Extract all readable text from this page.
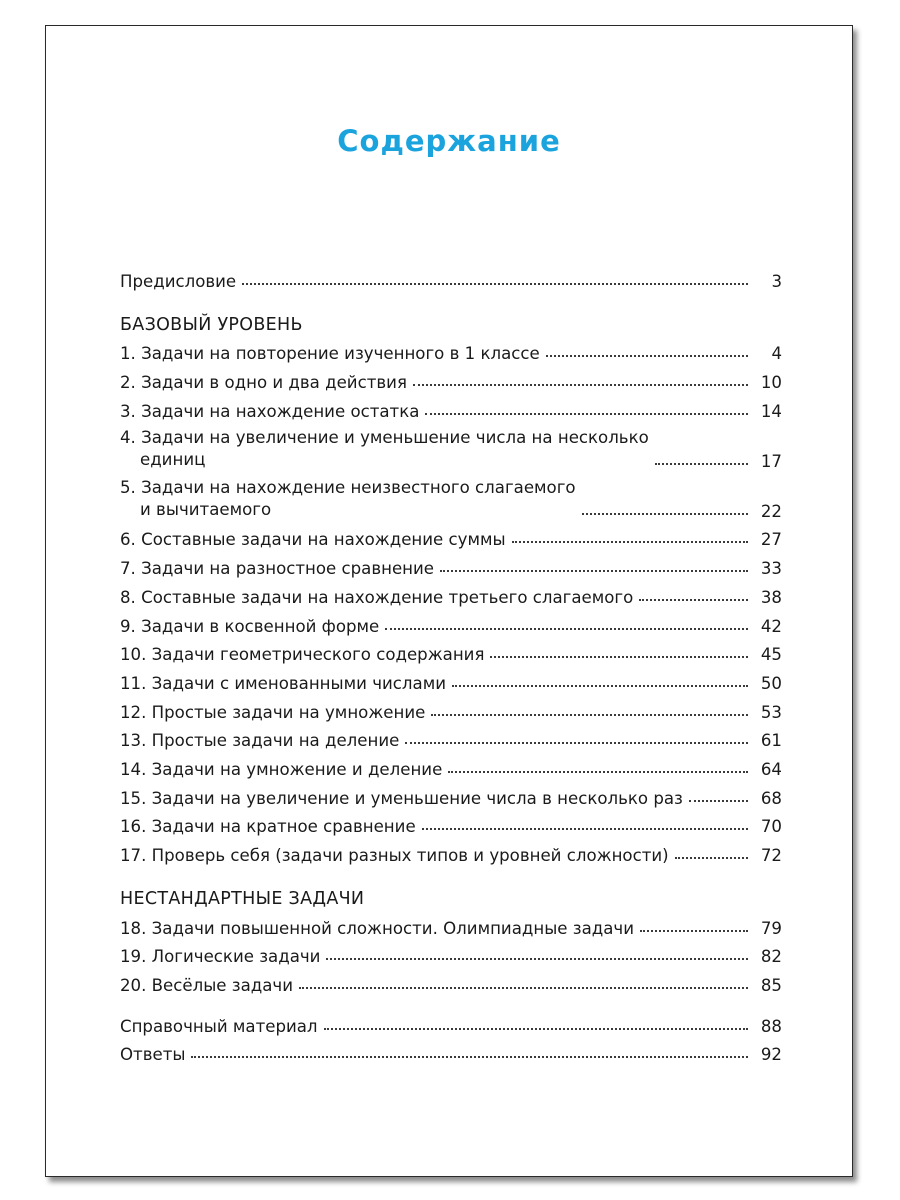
Содержание
Предисловие	3
БАЗОВЫЙ УРОВЕНЬ
1. Задачи на повторение изученного в 1 классе	4
2. Задачи в одно и два действия	10
3. Задачи на нахождение остатка	14
4. Задачи на увеличение и уменьшение числа на несколько
единиц	17
5. Задачи на нахождение неизвестного слагаемого
и вычитаемого	22
6. Составные задачи на нахождение суммы	27
7. Задачи на разностное сравнение	33
8. Составные задачи на нахождение третьего слагаемого	38
9. Задачи в косвенной форме	42
10. Задачи геометрического содержания	45
11. Задачи с именованными числами	50
12. Простые задачи на умножение	53
13. Простые задачи на деление	61
14. Задачи на умножение и деление	64
15. Задачи на увеличение и уменьшение числа в несколько раз	68
16. Задачи на кратное сравнение	70
17. Проверь себя (задачи разных типов и уровней сложности)	72
НЕСТАНДАРТНЫЕ ЗАДАЧИ
18. Задачи повышенной сложности. Олимпиадные задачи	79
19. Логические задачи	82
20. Весёлые задачи	85
Справочный материал	88
Ответы	92
